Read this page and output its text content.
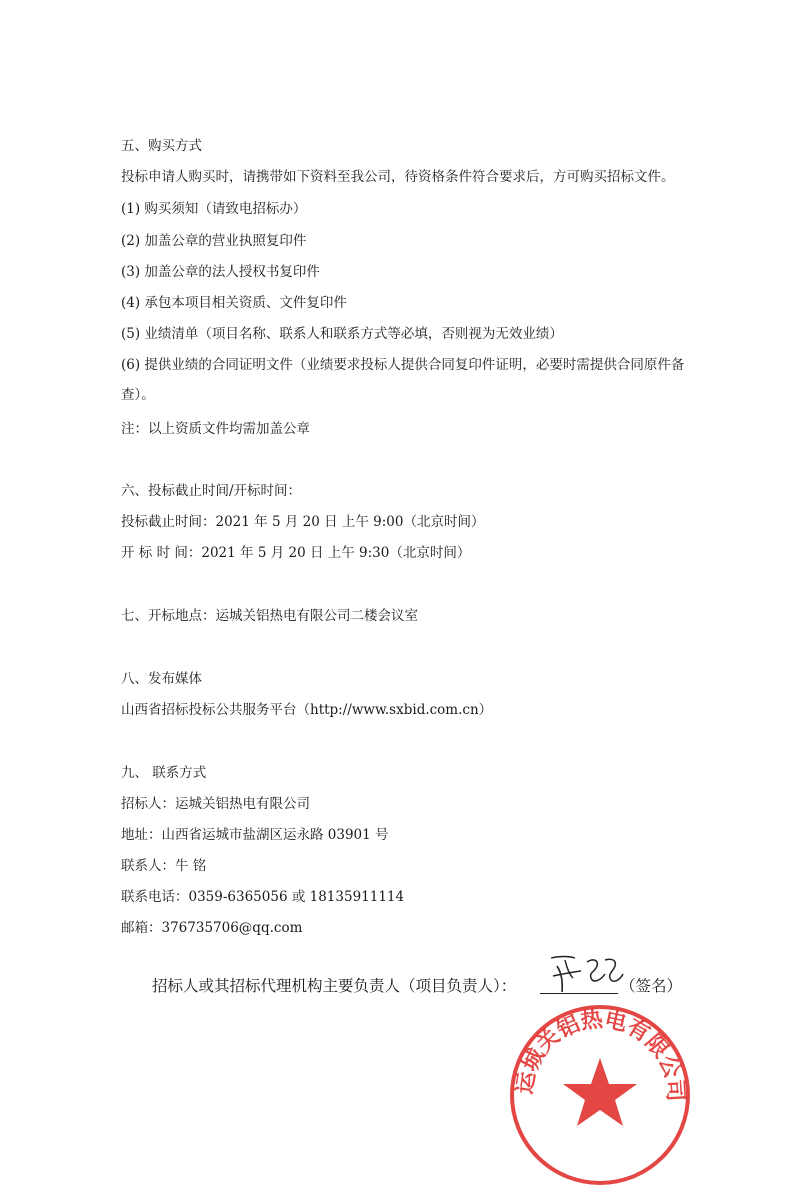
五、购买方式
投标申请人购买时，请携带如下资料至我公司，待资格条件符合要求后，方可购买招标文件。
(1) 购买须知（请致电招标办）
(2) 加盖公章的营业执照复印件
(3) 加盖公章的法人授权书复印件
(4) 承包本项目相关资质、文件复印件
(5) 业绩清单（项目名称、联系人和联系方式等必填，否则视为无效业绩）
(6) 提供业绩的合同证明文件（业绩要求投标人提供合同复印件证明，必要时需提供合同原件备查）。
注：以上资质文件均需加盖公章
六、投标截止时间/开标时间：
投标截止时间：2021 年 5 月 20 日 上午 9:00（北京时间）
开 标 时 间：2021 年 5 月 20 日 上午 9:30（北京时间）
七、开标地点：运城关铝热电有限公司二楼会议室
八、发布媒体
山西省招标投标公共服务平台（http://www.sxbid.com.cn）
九、 联系方式
招标人：运城关铝热电有限公司
地址：山西省运城市盐湖区运永路 03901 号
联系人：牛 铭
联系电话：0359-6365056 或 18135911114
邮箱：376735706@qq.com
招标人或其招标代理机构主要负责人（项目负责人）：	（签名）
运城关铝热电有限公司
